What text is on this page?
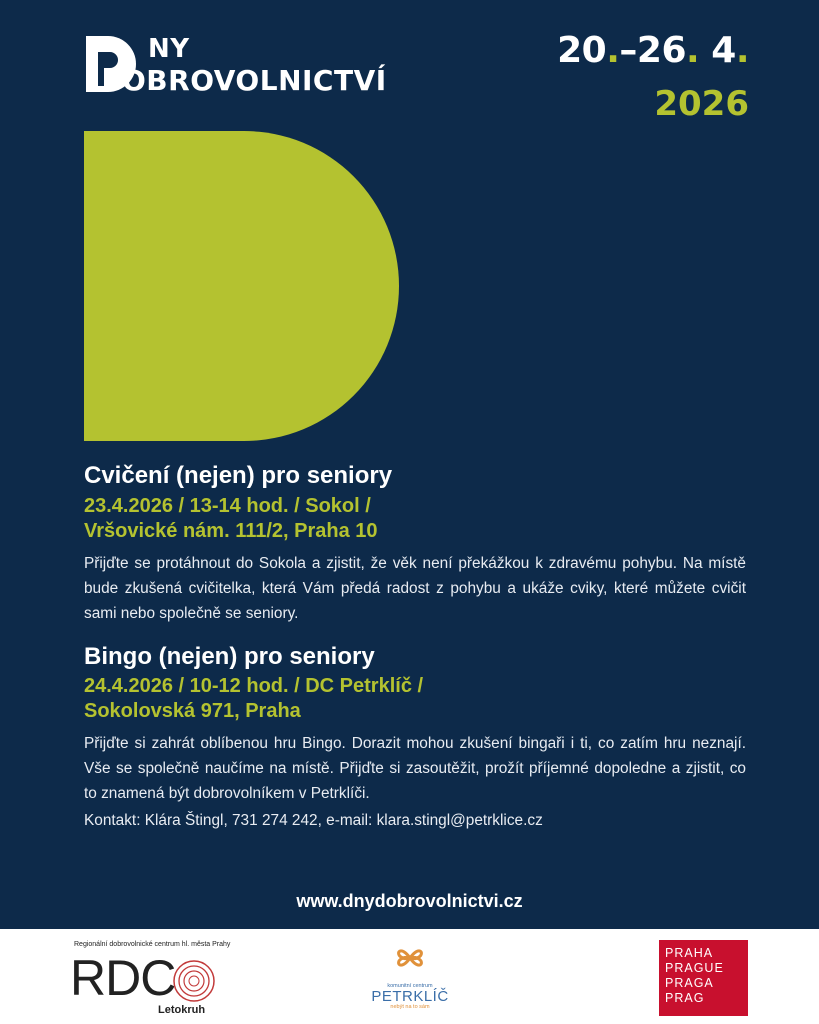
NY
OBROVOLNICTVÍ
20.–26. 4.
2026
Cvičení (nejen) pro seniory
23.4.2026 / 13-14 hod. / Sokol /
Vršovické nám. 111/2, Praha 10

Přijďte se protáhnout do Sokola a zjistit, že věk není překážkou k zdravému pohybu. Na místě bude zkušená cvičitelka, která Vám předá radost z pohybu a ukáže cviky, které můžete cvičit sami nebo společně se seniory.

Bingo (nejen) pro seniory
24.4.2026 / 10-12 hod. / DC Petrklíč /
Sokolovská 971, Praha

Přijďte si zahrát oblíbenou hru Bingo. Dorazit mohou zkušení bingaři i ti, co zatím hru neznají. Vše se společně naučíme na místě. Přijďte si zasoutěžit, prožít příjemné dopoledne a zjistit, co to znamená být dobrovolníkem v Petrklíči.

Kontakt: Klára Štingl, 731 274 242, e-mail: klara.stingl@petrklice.cz
www.dnydobrovolnictvi.cz
Regionální dobrovolnické centrum hl. města Prahy
RDC
Letokruh
komunitní centrum
PETRKLÍČ
nebýt na to sám
PRAHA
PRAGUE
PRAGA
PRAG
